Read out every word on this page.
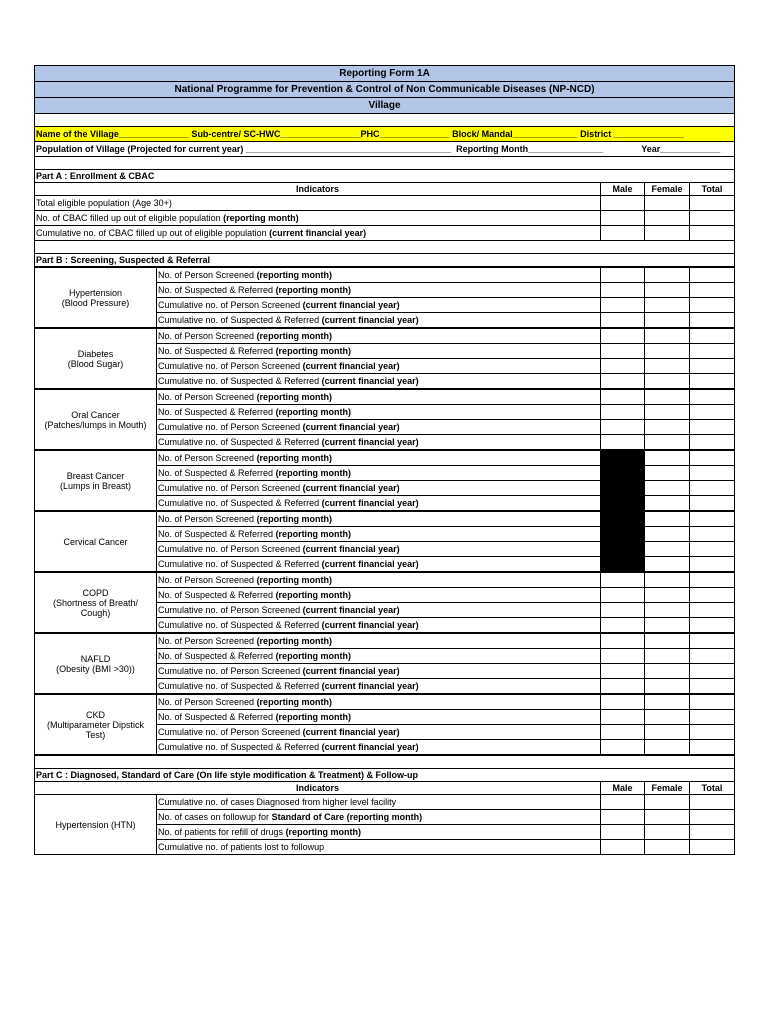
Reporting Form 1A				
National Programme for Prevention & Control of Non Communicable Diseases (NP-NCD)				
Village				

Name of the Village______________ Sub-centre/ SC-HWC________________PHC______________ Block/ Mandal_____________ District ______________				
Population of Village (Projected for current year) _________________________________________ Reporting Month_______________ Year____________				

Part A : Enrollment & CBAC				
Indicators		Male	Female	Total
Total eligible population (Age 30+)				
No. of CBAC filled up out of eligible population (reporting month)				
Cumulative no. of CBAC filled up out of eligible population (current financial year)				

Part B : Screening, Suspected & Referral				
Hypertension
(Blood Pressure)	No. of Person Screened (reporting month)			
	No. of Suspected & Referred (reporting month)			
	Cumulative no. of Person Screened (current financial year)			
	Cumulative no. of Suspected & Referred (current financial year)			
Diabetes
(Blood Sugar)	No. of Person Screened (reporting month)			
	No. of Suspected & Referred (reporting month)			
	Cumulative no. of Person Screened (current financial year)			
	Cumulative no. of Suspected & Referred (current financial year)			
Oral Cancer
(Patches/lumps in Mouth)	No. of Person Screened (reporting month)			
	No. of Suspected & Referred (reporting month)			
	Cumulative no. of Person Screened (current financial year)			
	Cumulative no. of Suspected & Referred (current financial year)			
Breast Cancer
(Lumps in Breast)	No. of Person Screened (reporting month)			
	No. of Suspected & Referred (reporting month)			
	Cumulative no. of Person Screened (current financial year)			
	Cumulative no. of Suspected & Referred (current financial year)			
Cervical Cancer	No. of Person Screened (reporting month)			
	No. of Suspected & Referred (reporting month)			
	Cumulative no. of Person Screened (current financial year)			
	Cumulative no. of Suspected & Referred (current financial year)			
COPD
(Shortness of Breath/
Cough)	No. of Person Screened (reporting month)			
	No. of Suspected & Referred (reporting month)			
	Cumulative no. of Person Screened (current financial year)			
	Cumulative no. of Suspected & Referred (current financial year)			
NAFLD
(Obesity (BMI >30))	No. of Person Screened (reporting month)			
	No. of Suspected & Referred (reporting month)			
	Cumulative no. of Person Screened (current financial year)			
	Cumulative no. of Suspected & Referred (current financial year)			
CKD
(Multiparameter Dipstick
Test)	No. of Person Screened (reporting month)			
	No. of Suspected & Referred (reporting month)			
	Cumulative no. of Person Screened (current financial year)			
	Cumulative no. of Suspected & Referred (current financial year)			

Part C : Diagnosed, Standard of Care (On life style modification & Treatment) & Follow-up				
Indicators		Male	Female	Total
Hypertension (HTN)	Cumulative no. of cases Diagnosed from higher level facility			
	No. of cases on followup for Standard of Care (reporting month)			
	No. of patients for refill of drugs (reporting month)			
	Cumulative no. of patients lost to followup			
